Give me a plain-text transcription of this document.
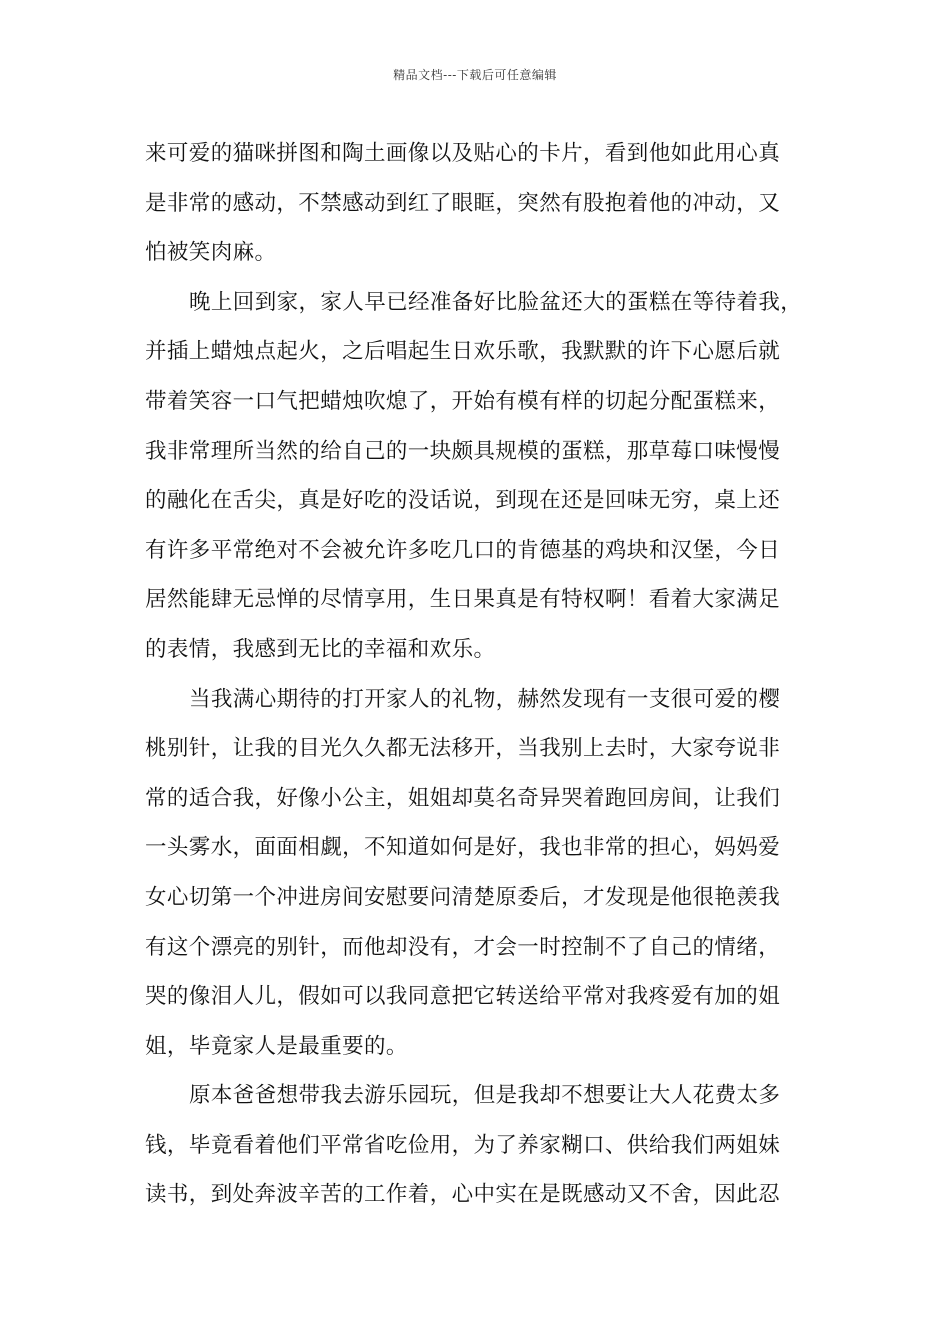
精品文档---下载后可任意编辑
来可爱的猫咪拼图和陶土画像以及贴心的卡片，看到他如此用心真
是非常的感动，不禁感动到红了眼眶，突然有股抱着他的冲动，又
怕被笑肉麻。
晚上回到家，家人早已经准备好比脸盆还大的蛋糕在等待着我，
并插上蜡烛点起火，之后唱起生日欢乐歌，我默默的许下心愿后就
带着笑容一口气把蜡烛吹熄了，开始有模有样的切起分配蛋糕来，
我非常理所当然的给自己的一块颇具规模的蛋糕，那草莓口味慢慢
的融化在舌尖，真是好吃的没话说，到现在还是回味无穷，桌上还
有许多平常绝对不会被允许多吃几口的肯德基的鸡块和汉堡，今日
居然能肆无忌惮的尽情享用，生日果真是有特权啊！看着大家满足
的表情，我感到无比的幸福和欢乐。
当我满心期待的打开家人的礼物，赫然发现有一支很可爱的樱
桃别针，让我的目光久久都无法移开，当我别上去时，大家夸说非
常的适合我，好像小公主，姐姐却莫名奇异哭着跑回房间，让我们
一头雾水，面面相觑，不知道如何是好，我也非常的担心，妈妈爱
女心切第一个冲进房间安慰要问清楚原委后，才发现是他很艳羡我
有这个漂亮的别针，而他却没有，才会一时控制不了自己的情绪，
哭的像泪人儿，假如可以我同意把它转送给平常对我疼爱有加的姐
姐，毕竟家人是最重要的。
原本爸爸想带我去游乐园玩，但是我却不想要让大人花费太多
钱，毕竟看着他们平常省吃俭用，为了养家糊口、供给我们两姐妹
读书，到处奔波辛苦的工作着，心中实在是既感动又不舍，因此忍
